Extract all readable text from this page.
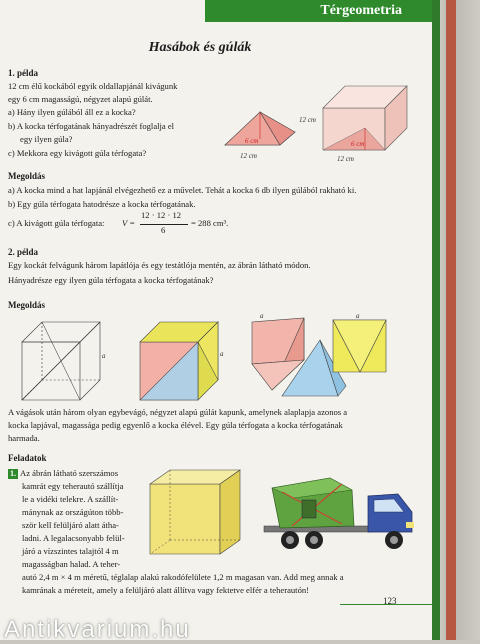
Térgeometria
Hasábok és gúlák
1. példa
12 cm élű kockából egyik oldallapjánál kivágunk
egy 6 cm magasságú, négyzet alapú gúlát.
a) Hány ilyen gúlából áll ez a kocka?
b) A kocka térfogatának hányadrészét foglalja el
egy ilyen gúla?
c) Mekkora egy kivágott gúla térfogata?
6 cm
12 cm
12 cm
6 cm
12 cm
Megoldás
a) A kocka mind a hat lapjánál elvégezhető ez a művelet. Tehát a kocka 6 db ilyen gúlából rakható ki.
b) Egy gúla térfogata hatodrésze a kocka térfogatának.
c) A kivágott gúla térfogata: V =
12 · 12 · 12
6
= 288 cm³.
2. példa
Egy kockát felvágunk három lapátlója és egy testátlója mentén, az ábrán látható módon.
Hányadrésze egy ilyen gúla térfogata a kocka térfogatának?
Megoldás
a	a
a	a
A vágások után három olyan egybevágó, négyzet alapú gúlát kapunk, amelynek alaplapja azonos a
kocka lapjával, magassága pedig egyenlő a kocka élével. Egy gúla térfogata a kocka térfogatának
harmada.
Feladatok
1. Az ábrán látható szerszámos
kamrát egy teherautó szállítja
le a vidéki telekre. A szállít-
mánynak az országúton több-
ször kell felüljáró alatt átha-
ladni. A legalacsonyabb felül-
járó a vízszintes talajtól 4 m
magasságban halad. A teher-
autó 2,4 m × 4 m méretű, téglalap alakú rakodófelülete 1,2 m magasan van. Add meg annak a
kamrának a méreteit, amely a felüljáró alatt állítva vagy fektetve elfér a teherautón!
123
Antikvarium.hu
